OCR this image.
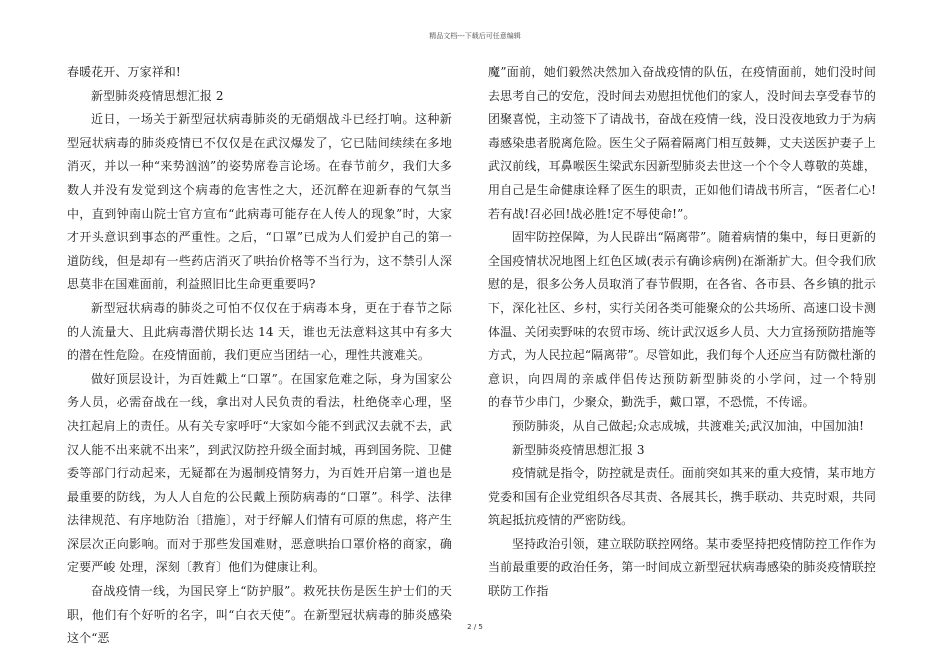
精品文档---下载后可任意编辑

春暖花开、万家祥和!

新型肺炎疫情思想汇报 2

近日，一场关于新型冠状病毒肺炎的无硝烟战斗已经打响。这种新型冠状病毒的肺炎疫情已不仅仅是在武汉爆发了，它已陆间续续在多地消灭，并以一种“来势汹汹”的姿势席卷言论场。在春节前夕，我们大多数人并没有发觉到这个病毒的危害性之大，还沉醉在迎新春的气氛当中，直到钟南山院士官方宣布“此病毒可能存在人传人的现象”时，大家才开头意识到事态的严重性。之后，“口罩”已成为人们爱护自己的第一道防线，但是却有一些药店消灭了哄抬价格等不当行为，这不禁引人深思莫非在国难面前，利益照旧比生命更重要吗?

新型冠状病毒的肺炎之可怕不仅仅在于病毒本身，更在于春节之际的人流量大、且此病毒潜伏期长达 14 天，谁也无法意料这其中有多大的潜在性危险。在疫情面前，我们更应当团结一心，理性共渡难关。

做好顶层设计，为百姓戴上“口罩”。在国家危难之际，身为国家公务人员，必需奋战在一线，拿出对人民负责的看法，杜绝侥幸心理，坚决扛起肩上的责任。从有关专家呼吁“大家如今能不到武汉去就不去，武汉人能不出来就不出来”，到武汉防控升级全面封城，再到国务院、卫健委等部门行动起来，无疑都在为遏制疫情努力，为百姓开启第一道也是最重要的防线，为人人自危的公民戴上预防病毒的“口罩”。科学、法律法律规范、有序地防治〔措施〕，对于纾解人们情有可原的焦虑，将产生深层次正向影响。而对于那些发国难财，恶意哄抬口罩价格的商家，确定要严峻 处理，深刻〔教育〕他们为健康让利。

奋战疫情一线，为国民穿上“防护服”。救死扶伤是医生护士们的天职，他们有个好听的名字，叫“白衣天使”。在新型冠状病毒的肺炎感染这个“恶

魔”面前，她们毅然决然加入奋战疫情的队伍，在疫情面前，她们没时间去思考自己的安危，没时间去劝慰担忧他们的家人，没时间去享受春节的团聚喜悦，主动签下了请战书，奋战在疫情一线，没日没夜地致力于为病毒感染患者脱离危险。医生父子隔着隔离门相互鼓舞，丈夫送医护妻子上武汉前线，耳鼻喉医生梁武东因新型肺炎去世这一个个令人尊敬的英雄，用自己是生命健康诠释了医生的职责，正如他们请战书所言，“医者仁心!若有战!召必回!战必胜!定不辱使命!”。

固牢防控保障，为人民辟出“隔离带”。随着病情的集中，每日更新的全国疫情状况地图上红色区域(表示有确诊病例)在渐渐扩大。但令我们欣慰的是，很多公务人员取消了春节假期，在各省、各市县、各乡镇的批示下，深化社区、乡村，实行关闭各类可能聚众的公共场所、高速口设卡测体温、关闭卖野味的农贸市场、统计武汉返乡人员、大力宣扬预防措施等方式，为人民拉起“隔离带”。尽管如此，我们每个人还应当有防微杜渐的意识，向四周的亲戚伴侣传达预防新型肺炎的小学问，过一个特别　　　的春节少串门，少聚众，勤洗手，戴口罩，不恐慌，不传谣。

预防肺炎，从自己做起;众志成城，共渡难关;武汉加油，中国加油!

新型肺炎疫情思想汇报 3

疫情就是指令，防控就是责任。面前突如其来的重大疫情，某市地方党委和国有企业党组织各尽其责、各展其长，携手联动、共克时艰，共同筑起抵抗疫情的严密防线。

坚持政治引领，建立联防联控网络。某市委坚持把疫情防控工作作为当前最重要的政治任务，第一时间成立新型冠状病毒感染的肺炎疫情联控联防工作指

2 / 5
